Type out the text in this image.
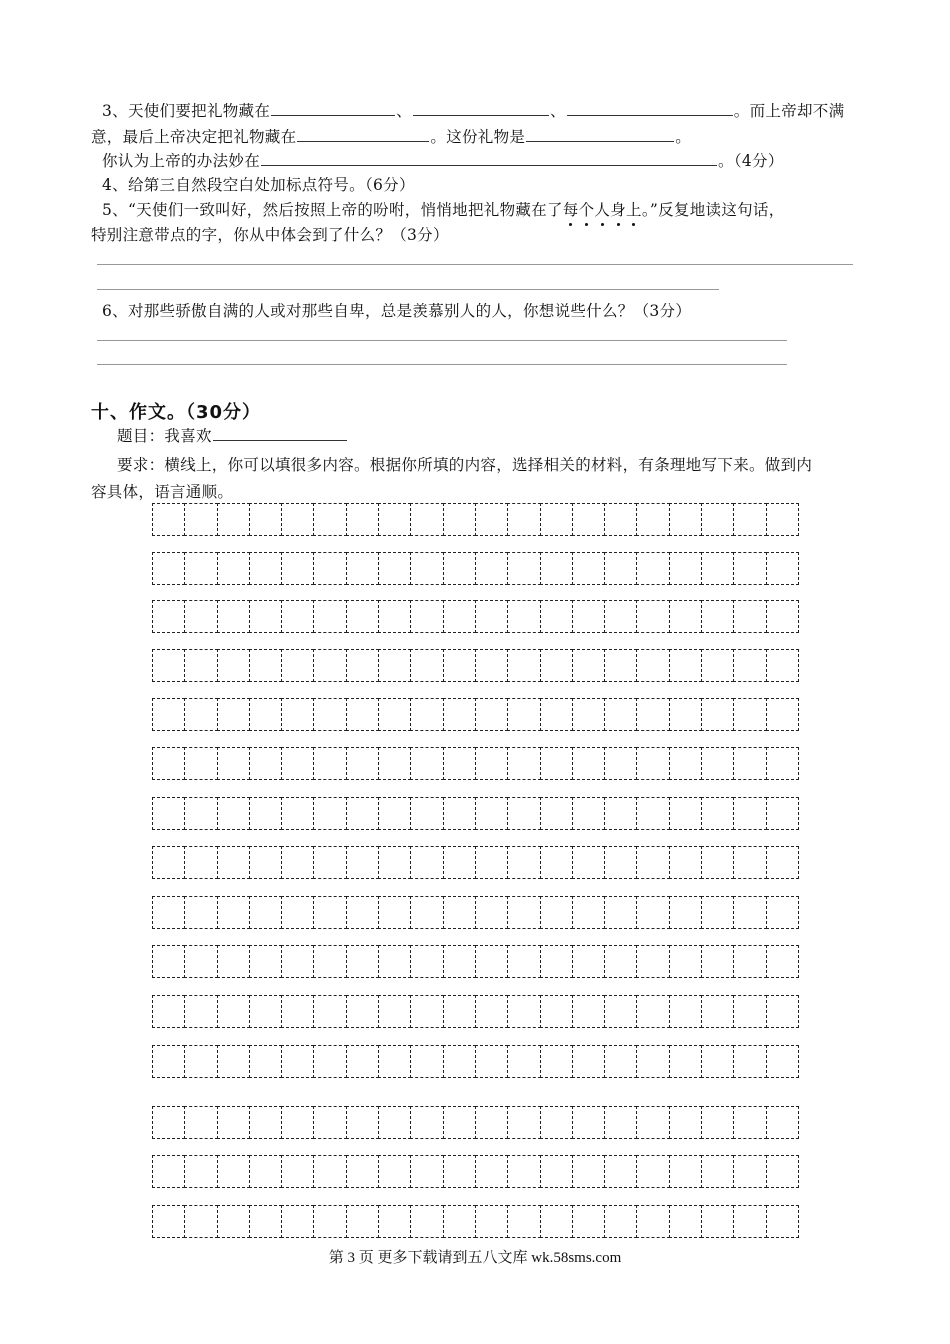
3、天使们要把礼物藏在	、	、	。而上帝却不满
意，最后上帝决定把礼物藏在	。这份礼物是	。
你认为上帝的办法妙在	。（4分）
4、给第三自然段空白处加标点符号。（6分）
5、“天使们一致叫好，然后按照上帝的吩咐，悄悄地把礼物藏在了每个人身上。”反复地读这句话，
特别注意带点的字，你从中体会到了什么？（3分）
6、对那些骄傲自满的人或对那些自卑，总是羡慕别人的人，你想说些什么？（3分）
十、作文。（30分）
题目：我喜欢
要求：横线上，你可以填很多内容。根据你所填的内容，选择相关的材料，有条理地写下来。做到内
容具体，语言通顺。
第 3 页 更多下载请到五八文库 wk.58sms.com
